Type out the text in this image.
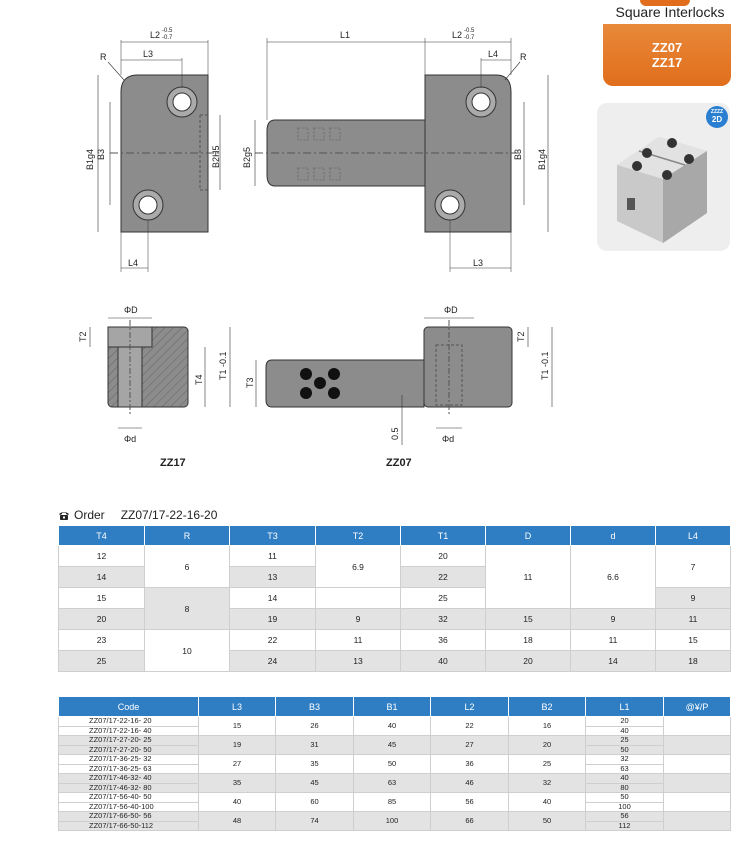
Square Interlocks
ZZ07
ZZ17
ZZZZ
2D
L2 -0.5
-0.7
L3
R
B1g4 B3	B2H5
L4
L1	L2 -0.5
-0.7
L4 R
B2g5	B3 B1g4
L3
ΦD
T2
T4 T1 -0.1
Φd
ZZ17
ΦD
T3
T2
T1 -0.1
0.5	Φd
ZZ07
Order ZZ07/17-22-16-20
T4	R	T3	T2	T1	D	d	L4
12	6	11	6.9	20	11	6.6	7
14		13		22			
15	8	14		25			9
20		19	9	32	15	9	11
23	10	22	11	36	18	11	15
25		24	13	40	20	14	18
Code	L3	B3	B1	L2	B2	L1	@¥/P
ZZ07/17-22-16- 20	15	26	40	22	16	20	
ZZ07/17-22-16- 40						40	
ZZ07/17-27-20- 25	19	31	45	27	20	25	
ZZ07/17-27-20- 50						50	
ZZ07/17-36-25- 32	27	35	50	36	25	32	
ZZ07/17-36-25- 63						63	
ZZ07/17-46-32- 40	35	45	63	46	32	40	
ZZ07/17-46-32- 80						80	
ZZ07/17-56-40- 50	40	60	85	56	40	50	
ZZ07/17-56-40-100						100	
ZZ07/17-66-50- 56	48	74	100	66	50	56	
ZZ07/17-66-50-112						112	
